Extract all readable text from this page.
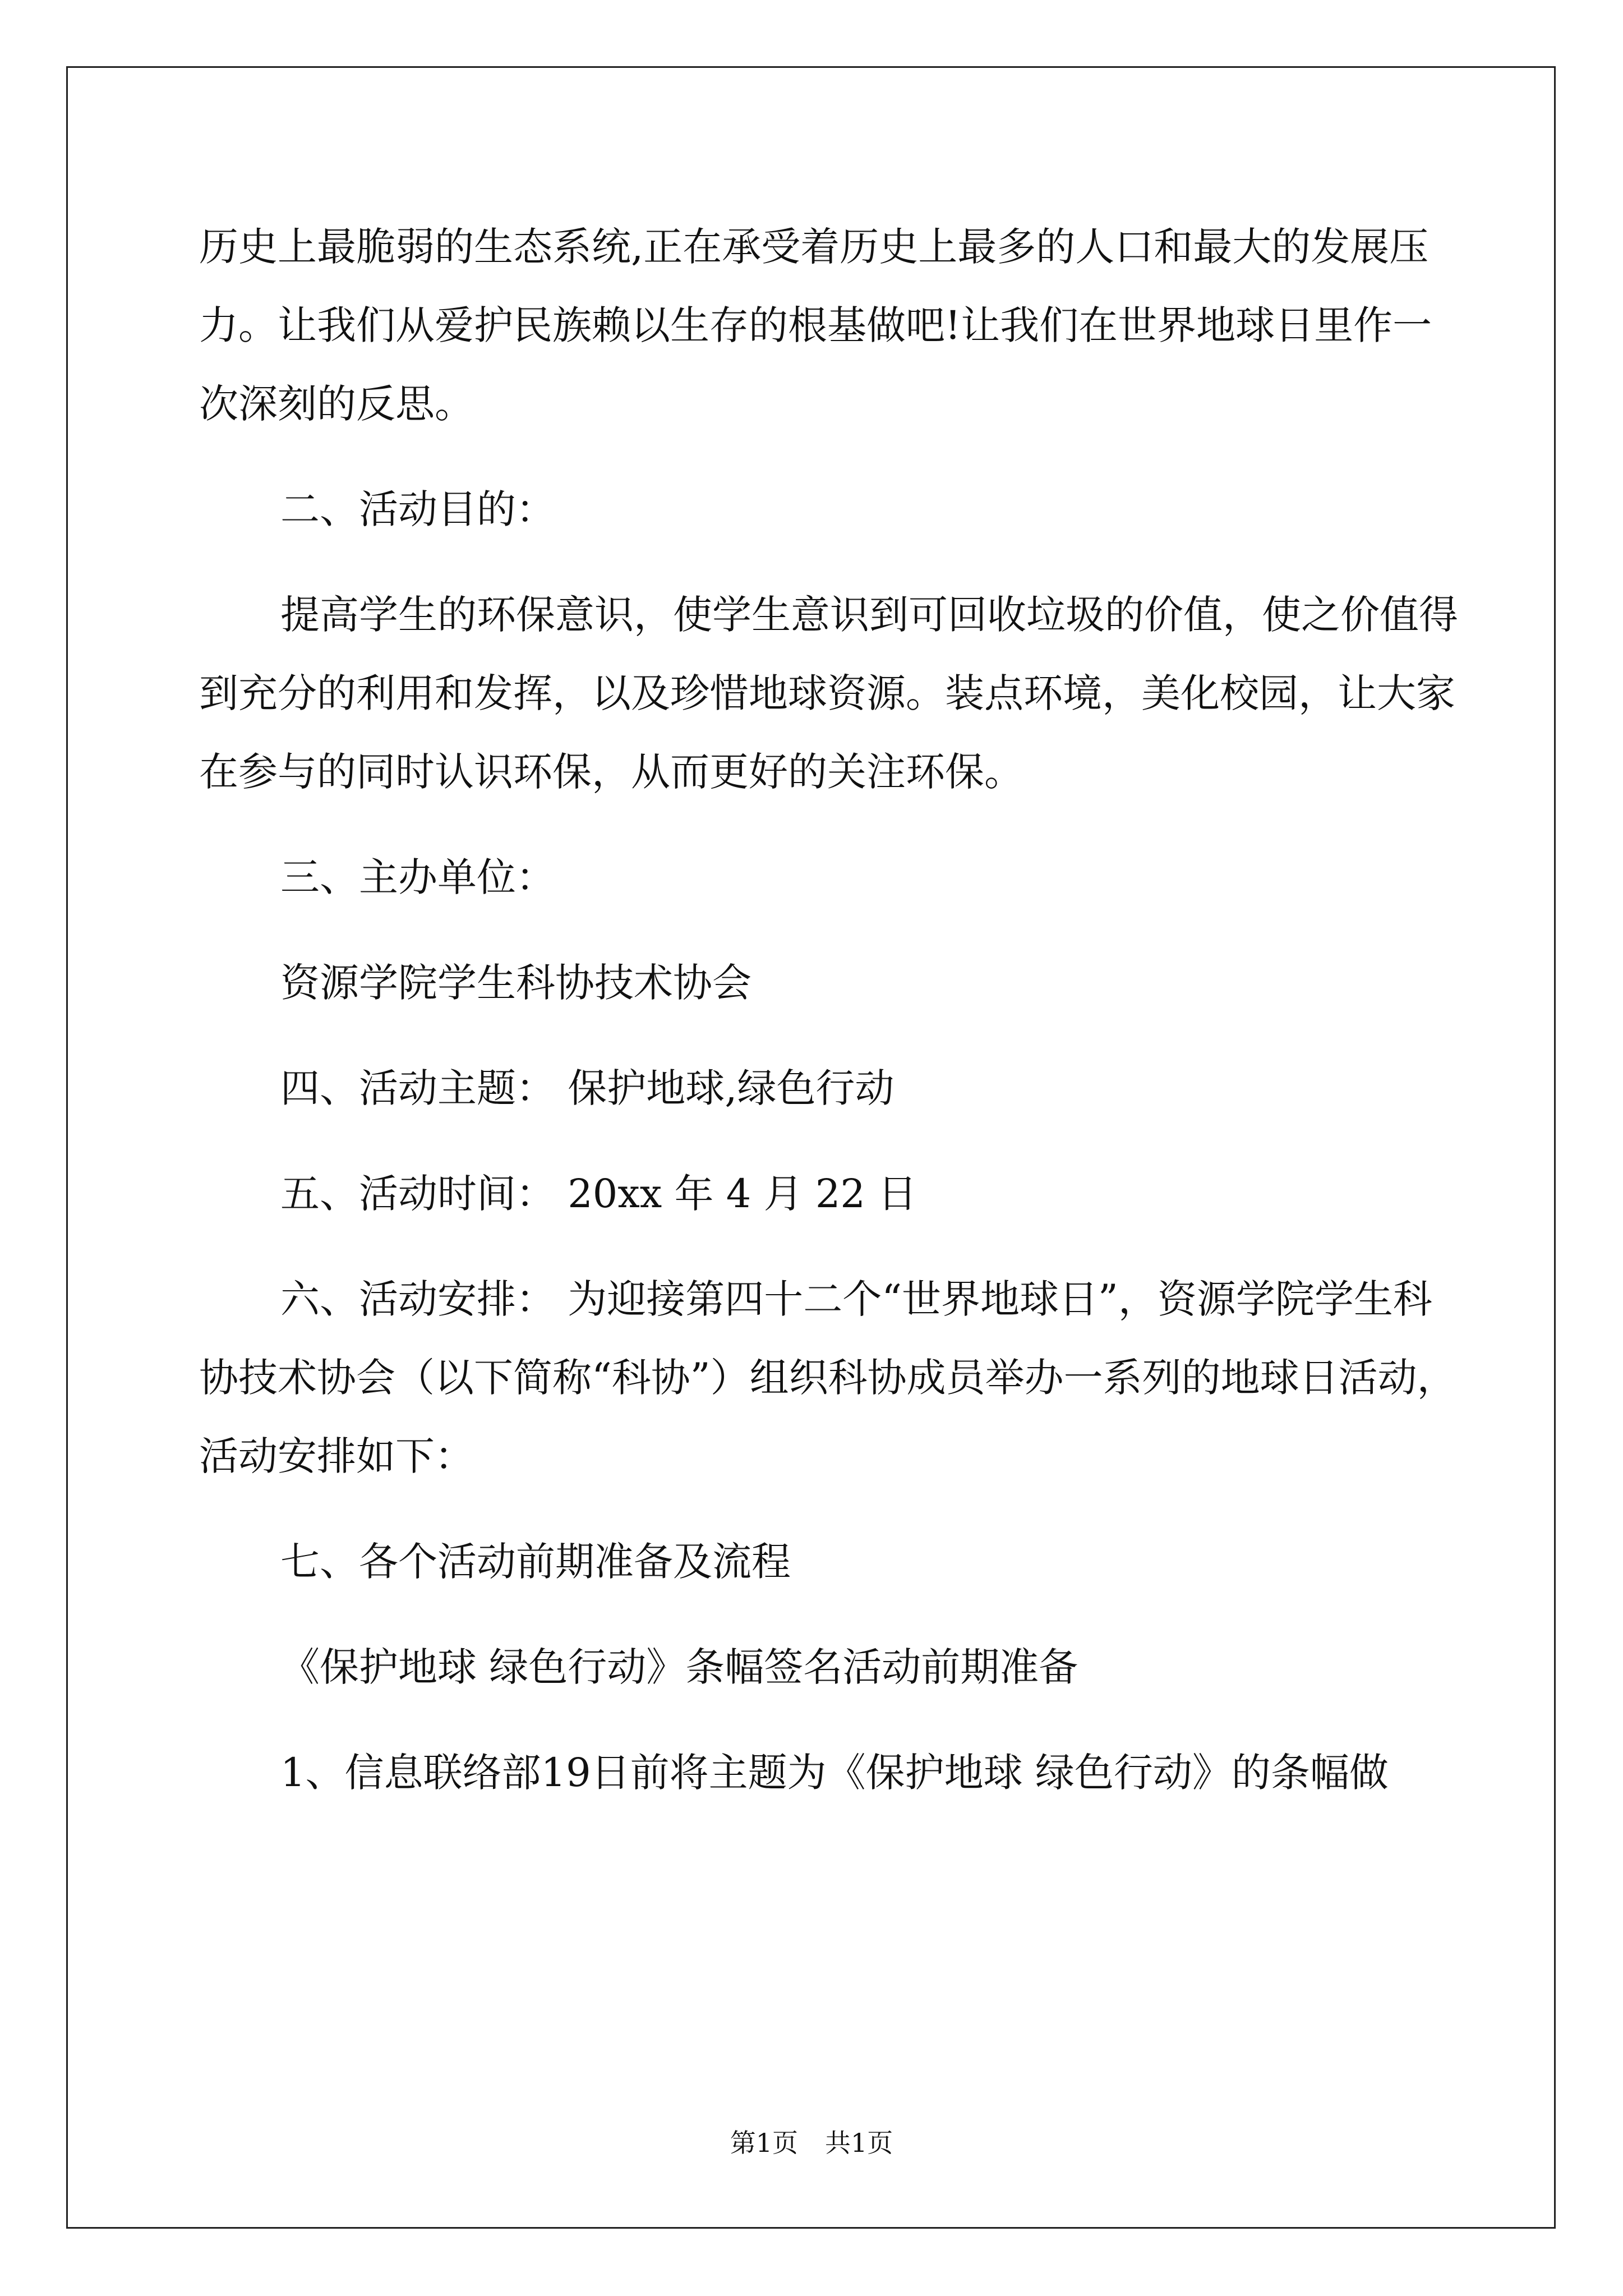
历史上最脆弱的生态系统,正在承受着历史上最多的人口和最大的发展压力。让我们从爱护民族赖以生存的根基做吧!让我们在世界地球日里作一次深刻的反思。

二、活动目的：

提高学生的环保意识，使学生意识到可回收垃圾的价值，使之价值得到充分的利用和发挥，以及珍惜地球资源。装点环境，美化校园，让大家在参与的同时认识环保，从而更好的关注环保。

三、主办单位：

资源学院学生科协技术协会

四、活动主题： 保护地球,绿色行动

五、活动时间： 20xx 年 4 月 22 日

六、活动安排： 为迎接第四十二个“世界地球日”，资源学院学生科协技术协会（以下简称“科协”）组织科协成员举办一系列的地球日活动，活动安排如下：

七、各个活动前期准备及流程

《保护地球 绿色行动》条幅签名活动前期准备

1、信息联络部19日前将主题为《保护地球 绿色行动》的条幅做

第1页 共1页
